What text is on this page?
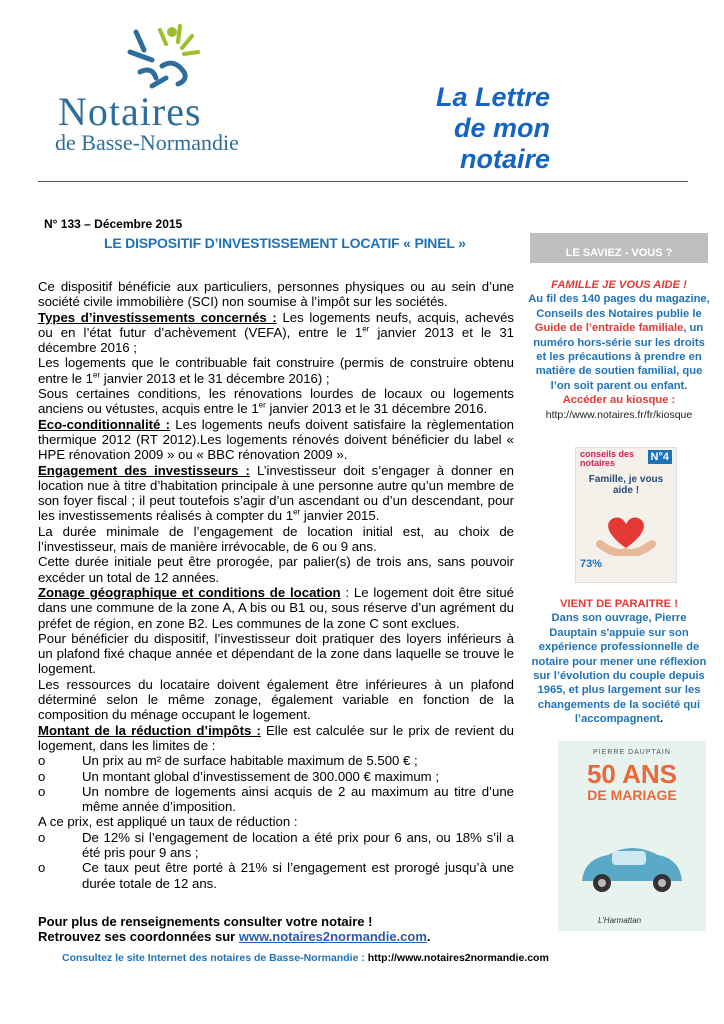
Notaires
de Basse-Normandie
La Lettre
de mon notaire
N° 133 – Décembre 2015
LE DISPOSITIF D’INVESTISSEMENT LOCATIF « PINEL »

Ce dispositif bénéficie aux particuliers, personnes physiques ou au sein d’une société civile immobilière (SCI) non soumise à l’impôt sur les sociétés.

Types d’investissements concernés : Les logements neufs, acquis, achevés ou en l’état futur d’achèvement (VEFA), entre le 1er janvier 2013 et le 31 décembre 2016 ;

Les logements que le contribuable fait construire (permis de construire obtenu entre le 1er janvier 2013 et le 31 décembre 2016) ;

Sous certaines conditions, les rénovations lourdes de locaux ou logements anciens ou vétustes, acquis entre le 1er janvier 2013 et le 31 décembre 2016.

Eco-conditionnalité : Les logements neufs doivent satisfaire la règlementation thermique 2012 (RT 2012).Les logements rénovés doivent bénéficier du label « HPE rénovation 2009 » ou « BBC rénovation 2009 ».

Engagement des investisseurs : L’investisseur doit s’engager à donner en location nue à titre d’habitation principale à une personne autre qu’un membre de son foyer fiscal ; il peut toutefois s’agir d’un ascendant ou d’un descendant, pour les investissements réalisés à compter du 1er janvier 2015.

La durée minimale de l’engagement de location initial est, au choix de l’investisseur, mais de manière irrévocable, de 6 ou 9 ans.

Cette durée initiale peut être prorogée, par palier(s) de trois ans, sans pouvoir excéder un total de 12 années.

Zonage géographique et conditions de location : Le logement doit être situé dans une commune de la zone A, A bis ou B1 ou, sous réserve d’un agrément du préfet de région, en zone B2. Les communes de la zone C sont exclues.

Pour bénéficier du dispositif, l’investisseur doit pratiquer des loyers inférieurs à un plafond fixé chaque année et dépendant de la zone dans laquelle se trouve le logement.

Les ressources du locataire doivent également être inférieures à un plafond déterminé selon le même zonage, également variable en fonction de la composition du ménage occupant le logement.

Montant de la réduction d’impôts : Elle est calculée sur le prix de revient du logement, dans les limites de :

o	Un prix au m² de surface habitable maximum de 5.500 € ;
o	Un montant global d’investissement de 300.000 € maximum ;
o	Un nombre de logements ainsi acquis de 2 au maximum au titre d’une même année d’imposition.

A ce prix, est appliqué un taux de réduction :

o	De 12% si l’engagement de location a été prix pour 6 ans, ou 18% s’il a été pris pour 9 ans ;
o	Ce taux peut être porté à 21% si l’engagement est prorogé jusqu’à une durée totale de 12 ans.
Pour plus de renseignements consulter votre notaire !
Retrouvez ses coordonnées sur www.notaires2normandie.com.
Consultez le site Internet des notaires de Basse-Normandie : http://www.notaires2normandie.com
LE SAVIEZ - VOUS ?
FAMILLE JE VOUS AIDE !
Au fil des 140 pages du magazine, Conseils des Notaires publie le
Guide de l’entraide familiale, un numéro hors-série sur les droits et les précautions à prendre en matière de soutien familial, que l’on soit parent ou enfant.
Accéder au kiosque :
http://www.notaires.fr/fr/kiosque
conseils des notaires	N°4
Famille, je vous aide !
73%
VIENT DE PARAITRE !
Dans son ouvrage, Pierre Dauptain s'appuie sur son expérience professionnelle de notaire pour mener une réflexion sur l’évolution du couple depuis 1965, et plus largement sur les changements de la société qui l’accompagnent.
PIERRE DAUPTAIN
50 ANS
DE MARIAGE
L’Harmattan
